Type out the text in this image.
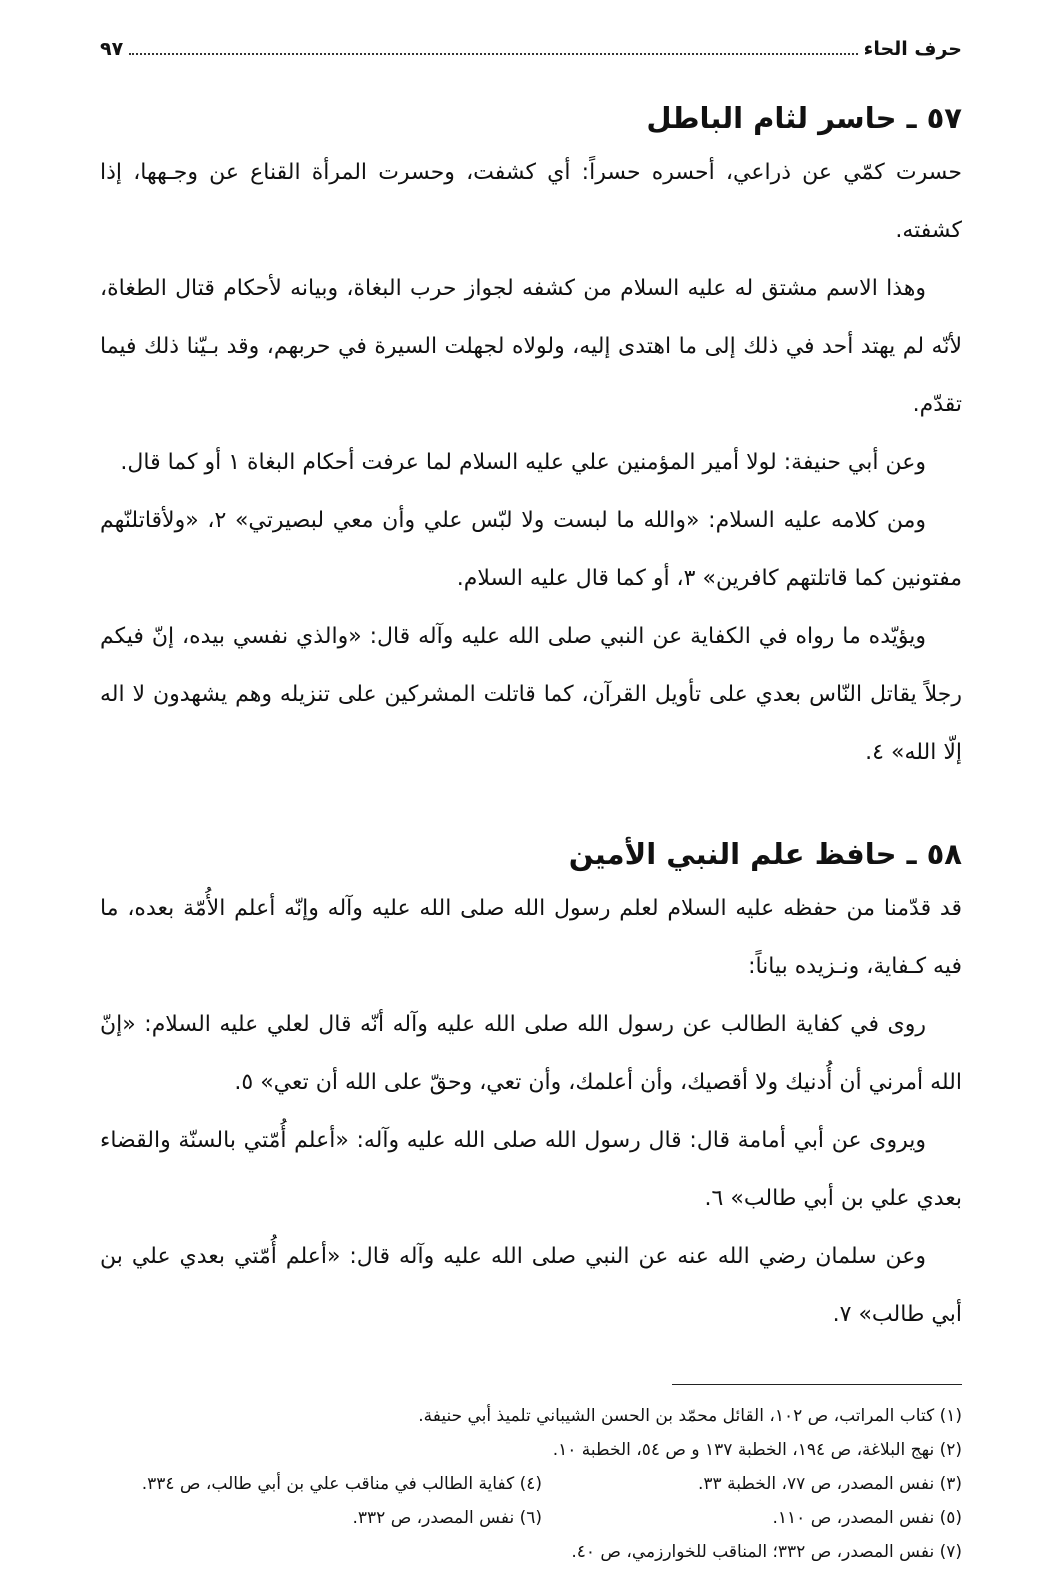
حرف الحاء
٩٧
٥٧ ـ حاسر لثام الباطل

حسرت كمّي عن ذراعي، أحسره حسراً: أي كشفت، وحسرت المرأة القناع عن وجـهها، إذا كشفته.

وهذا الاسم مشتق له عليه السلام من كشفه لجواز حرب البغاة، وبيانه لأحكام قتال الطغاة، لأنّه لم يهتد أحد في ذلك إلى ما اهتدى إليه، ولولاه لجهلت السيرة في حربهم، وقد بـيّنا ذلك فيما تقدّم.

وعن أبي حنيفة: لولا أمير المؤمنين علي عليه السلام لما عرفت أحكام البغاة ١ أو كما قال.

ومن كلامه عليه السلام: «والله ما لبست ولا لبّس علي وأن معي لبصيرتي» ٢، «ولأقاتلنّهم مفتونين كما قاتلتهم كافرين» ٣، أو كما قال عليه السلام.

ويؤيّده ما رواه في الكفاية عن النبي صلى الله عليه وآله قال: «والذي نفسي بيده، إنّ فيكم رجلاً يقاتل النّاس بعدي على تأويل القرآن، كما قاتلت المشركين على تنزيله وهم يشهدون لا اله إلّا الله» ٤.

٥٨ ـ حافظ علم النبي الأمين

قد قدّمنا من حفظه عليه السلام لعلم رسول الله صلى الله عليه وآله وإنّه أعلم الأُمّة بعده، ما فيه كـفاية، ونـزيده بياناً:

روى في كفاية الطالب عن رسول الله صلى الله عليه وآله أنّه قال لعلي عليه السلام: «إنّ الله أمرني أن أُدنيك ولا أقصيك، وأن أعلمك، وأن تعي، وحقّ على الله أن تعي» ٥.

ويروى عن أبي أمامة قال: قال رسول الله صلى الله عليه وآله: «أعلم أُمّتي بالسنّة والقضاء بعدي علي بن أبي طالب» ٦.

وعن سلمان رضي الله عنه عن النبي صلى الله عليه وآله قال: «أعلم أُمّتي بعدي علي بن أبي طالب» ٧.

(١) كتاب المراتب، ص ١٠٢، القائل محمّد بن الحسن الشيباني تلميذ أبي حنيفة.
(٢) نهج البلاغة، ص ١٩٤، الخطبة ١٣٧ و ص ٥٤، الخطبة ١٠.
(٣) نفس المصدر، ص ٧٧، الخطبة ٣٣.
(٤) كفاية الطالب في مناقب علي بن أبي طالب، ص ٣٣٤.
(٥) نفس المصدر، ص ١١٠.
(٦) نفس المصدر، ص ٣٣٢.
(٧) نفس المصدر، ص ٣٣٢؛ المناقب للخوارزمي، ص ٤٠.
